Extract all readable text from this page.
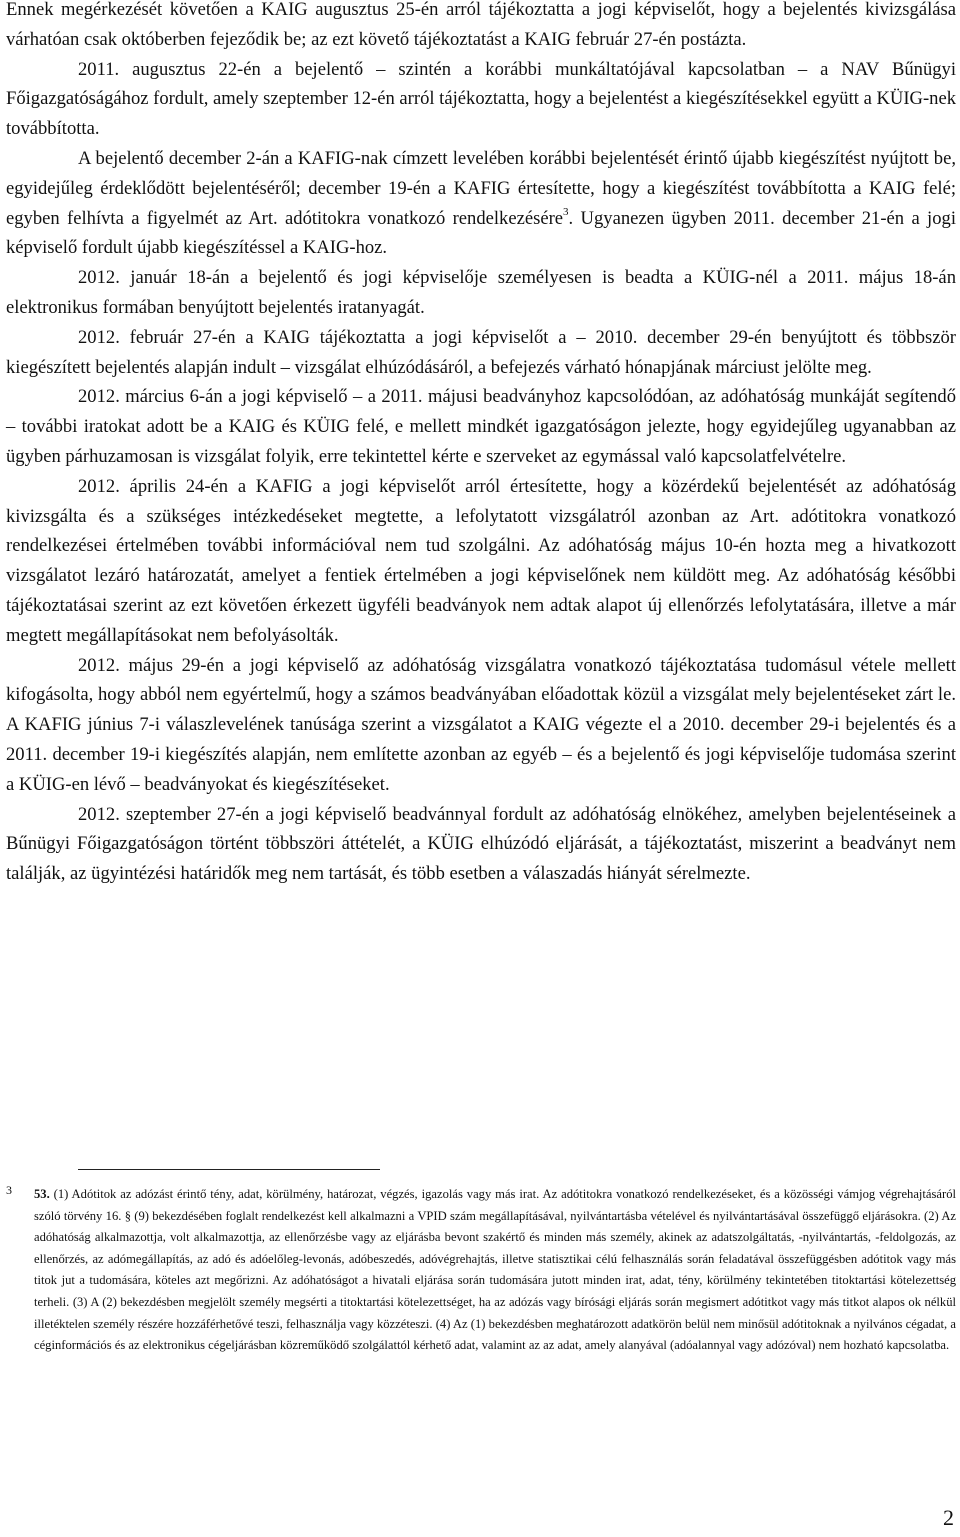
Ennek megérkezését követően a KAIG augusztus 25-én arról tájékoztatta a jogi képviselőt, hogy a bejelentés kivizsgálása várhatóan csak októberben fejeződik be; az ezt követő tájékoztatást a KAIG február 27-én postázta.

2011. augusztus 22-én a bejelentő – szintén a korábbi munkáltatójával kapcsolatban – a NAV Bűnügyi Főigazgatóságához fordult, amely szeptember 12-én arról tájékoztatta, hogy a bejelentést a kiegészítésekkel együtt a KÜIG-nek továbbította.

A bejelentő december 2-án a KAFIG-nak címzett levelében korábbi bejelentését érintő újabb kiegészítést nyújtott be, egyidejűleg érdeklődött bejelentéséről; december 19-én a KAFIG értesítette, hogy a kiegészítést továbbította a KAIG felé; egyben felhívta a figyelmét az Art. adótitokra vonatkozó rendelkezésére$^3$. Ugyanezen ügyben 2011. december 21-én a jogi képviselő fordult újabb kiegészítéssel a KAIG-hoz.

2012. január 18-án a bejelentő és jogi képviselője személyesen is beadta a KÜIG-nél a 2011. május 18-án elektronikus formában benyújtott bejelentés iratanyagát.

2012. február 27-én a KAIG tájékoztatta a jogi képviselőt a – 2010. december 29-én benyújtott és többször kiegészített bejelentés alapján indult – vizsgálat elhúzódásáról, a befejezés várható hónapjának márciust jelölte meg.

2012. március 6-án a jogi képviselő – a 2011. májusi beadványhoz kapcsolódóan, az adóhatóság munkáját segítendő – további iratokat adott be a KAIG és KÜIG felé, e mellett mindkét igazgatóságon jelezte, hogy egyidejűleg ugyanabban az ügyben párhuzamosan is vizsgálat folyik, erre tekintettel kérte e szerveket az egymással való kapcsolatfelvételre.

2012. április 24-én a KAFIG a jogi képviselőt arról értesítette, hogy a közérdekű bejelentését az adóhatóság kivizsgálta és a szükséges intézkedéseket megtette, a lefolytatott vizsgálatról azonban az Art. adótitokra vonatkozó rendelkezései értelmében további információval nem tud szolgálni. Az adóhatóság május 10-én hozta meg a hivatkozott vizsgálatot lezáró határozatát, amelyet a fentiek értelmében a jogi képviselőnek nem küldött meg. Az adóhatóság későbbi tájékoztatásai szerint az ezt követően érkezett ügyféli beadványok nem adtak alapot új ellenőrzés lefolytatására, illetve a már megtett megállapításokat nem befolyásolták.

2012. május 29-én a jogi képviselő az adóhatóság vizsgálatra vonatkozó tájékoztatása tudomásul vétele mellett kifogásolta, hogy abból nem egyértelmű, hogy a számos beadványában előadottak közül a vizsgálat mely bejelentéseket zárt le. A KAFIG június 7-i válaszlevelének tanúsága szerint a vizsgálatot a KAIG végezte el a 2010. december 29-i bejelentés és a 2011. december 19-i kiegészítés alapján, nem említette azonban az egyéb – és a bejelentő és jogi képviselője tudomása szerint a KÜIG-en lévő – beadványokat és kiegészítéseket.

2012. szeptember 27-én a jogi képviselő beadvánnyal fordult az adóhatóság elnökéhez, amelyben bejelentéseinek a Bűnügyi Főigazgatóságon történt többszöri áttételét, a KÜIG elhúzódó eljárását, a tájékoztatást, miszerint a beadványt nem találják, az ügyintézési határidők meg nem tartását, és több esetben a válaszadás hiányát sérelmezte.

3 53. (1) Adótitok az adózást érintő tény, adat, körülmény, határozat, végzés, igazolás vagy más irat. Az adótitokra vonatkozó rendelkezéseket, és a közösségi vámjog végrehajtásáról szóló törvény 16. § (9) bekezdésében foglalt rendelkezést kell alkalmazni a VPID szám megállapításával, nyilvántartásba vételével és nyilvántartásával összefüggő eljárásokra. (2) Az adóhatóság alkalmazottja, volt alkalmazottja, az ellenőrzésbe vagy az eljárásba bevont szakértő és minden más személy, akinek az adatszolgáltatás, -nyilvántartás, -feldolgozás, az ellenőrzés, az adómegállapítás, az adó és adóelőleg-levonás, adóbeszedés, adóvégrehajtás, illetve statisztikai célú felhasználás során feladatával összefüggésben adótitok vagy más titok jut a tudomására, köteles azt megőrizni. Az adóhatóságot a hivatali eljárása során tudomására jutott minden irat, adat, tény, körülmény tekintetében titoktartási kötelezettség terheli. (3) A (2) bekezdésben megjelölt személy megsérti a titoktartási kötelezettséget, ha az adózás vagy bírósági eljárás során megismert adótitkot vagy más titkot alapos ok nélkül illetéktelen személy részére hozzáférhetővé teszi, felhasználja vagy közzéteszi. (4) Az (1) bekezdésben meghatározott adatkörön belül nem minősül adótitoknak a nyilvános cégadat, a céginformációs és az elektronikus cégeljárásban közreműködő szolgálattól kérhető adat, valamint az az adat, amely alanyával (adóalannyal vagy adózóval) nem hozható kapcsolatba.
2
